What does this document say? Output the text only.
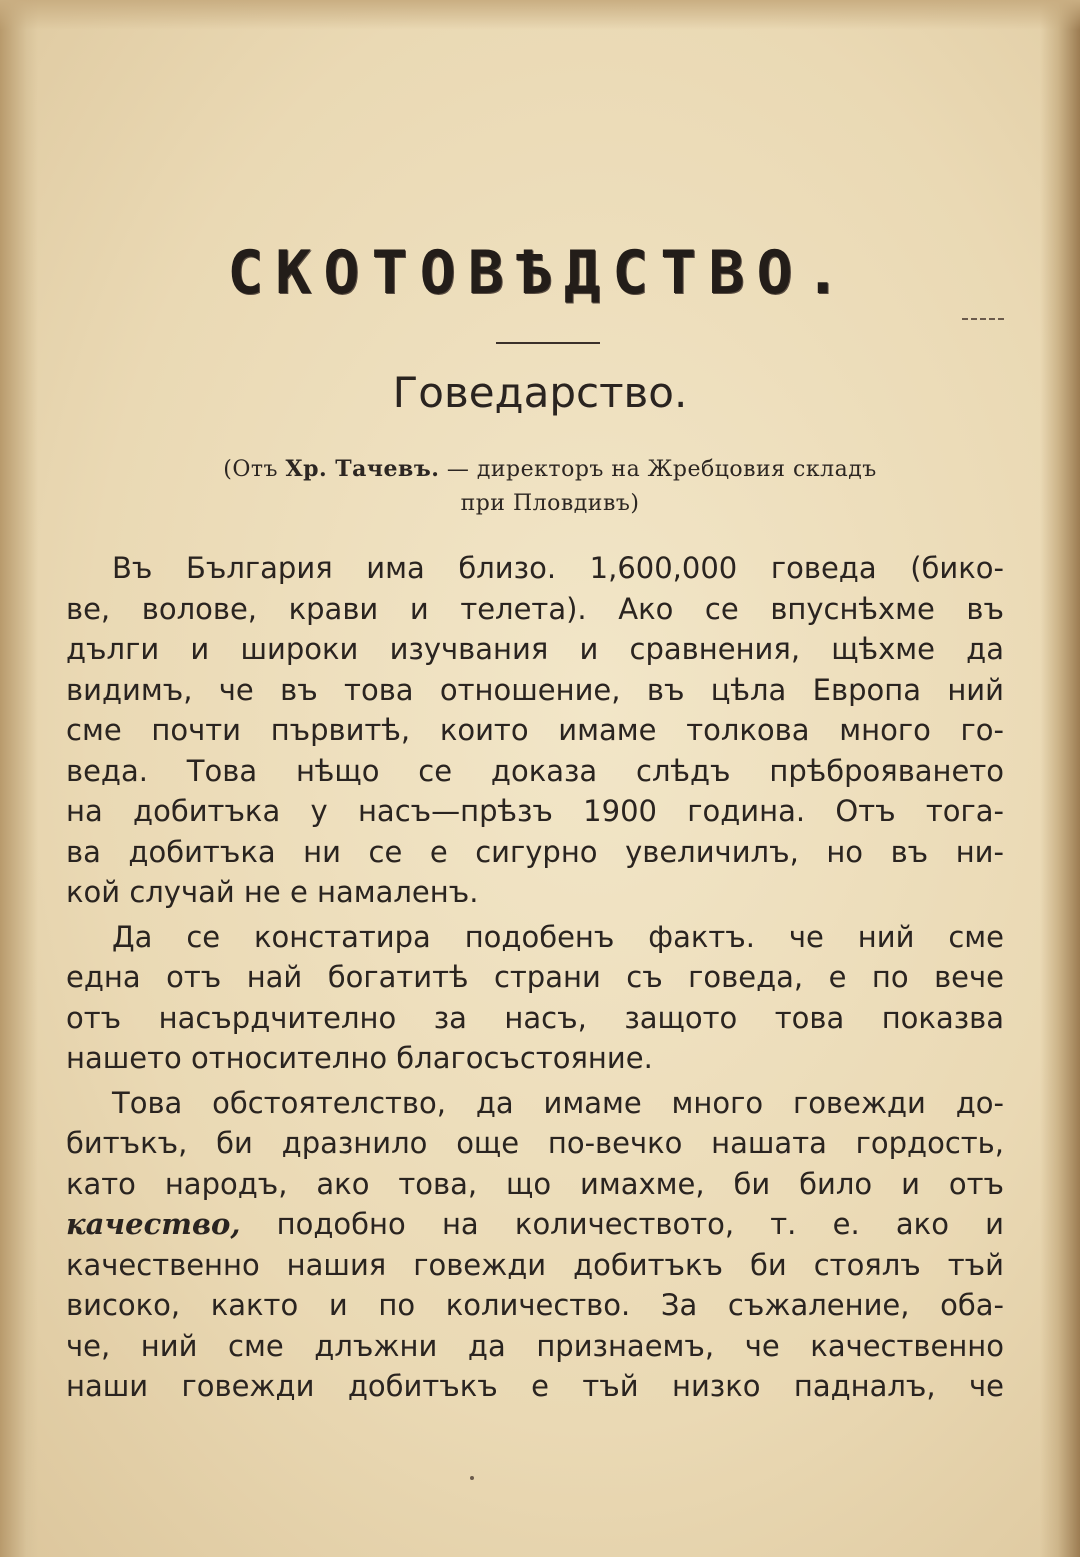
СКОТОВѢДСТВО.
Говедарство.
(Отъ Хр. Тачевъ. — директоръ на Жребцовия складъ
при Пловдивъ)
Въ България има близо. 1,600,000 говеда (бико-
ве, волове, крави и телета). Ако се впуснѣхме въ
дълги и широки изучвания и сравнения, щѣхме да
видимъ, че въ това отношение, въ цѣла Европа ний
сме почти първитѣ, които имаме толкова много го-
веда. Това нѣщо се доказа слѣдъ прѣброяването
на добитъка у насъ—прѣзъ 1900 година. Отъ тога-
ва добитъка ни се е сигурно увеличилъ, но въ ни-
кой случай не е намаленъ.
Да се констатира подобенъ фактъ. че ний сме
една отъ най богатитѣ страни съ говеда, е по вече
отъ насърдчително за насъ, защото това показва
нашето относително благосъстояние.
Това обстоятелство, да имаме много говежди до-
битъкъ, би дразнило още по-вечко нашата гордость,
като народъ, ако това, що имахме, би било и отъ
качество, подобно на количеството, т. е. ако и
качественно нашия говежди добитъкъ би стоялъ тъй
високо, както и по количество. За съжаление, оба-
че, ний сме длъжни да признаемъ, че качественно
наши говежди добитъкъ е тъй низко падналъ, че
